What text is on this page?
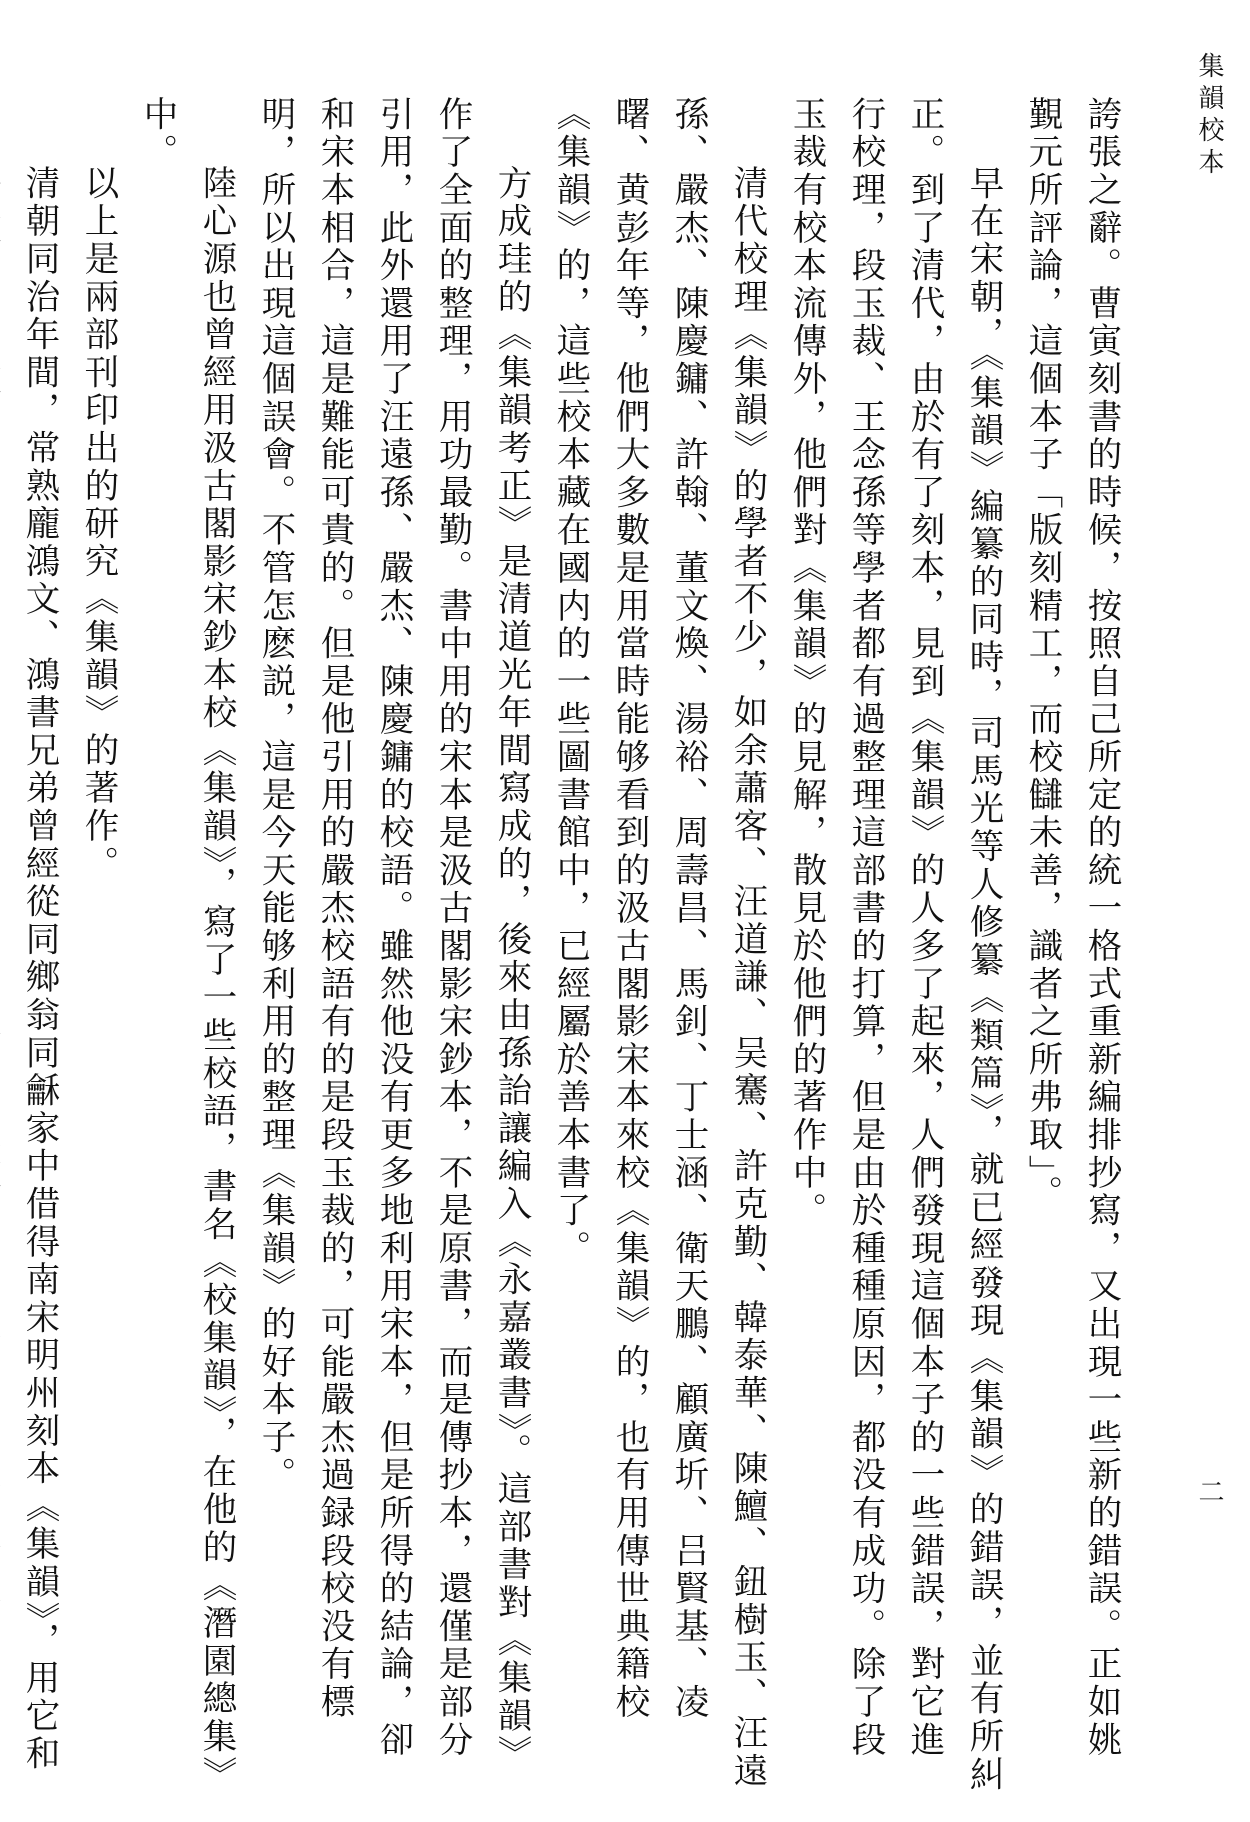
集韻校本
二

誇張之辭。曹寅刻書的時候，按照自己所定的統一格式重新編排抄寫，又出現一些新的錯誤。正如姚覲元所評論，這個本子「版刻精工，而校讎未善，識者之所弗取」。

早在宋朝，《集韻》編纂的同時，司馬光等人修纂《類篇》，就已經發現《集韻》的錯誤，並有所糾正。到了清代，由於有了刻本，見到《集韻》的人多了起來，人們發現這個本子的一些錯誤，對它進行校理，段玉裁、王念孫等學者都有過整理這部書的打算，但是由於種種原因，都没有成功。除了段玉裁有校本流傳外，他們對《集韻》的見解，散見於他們的著作中。

清代校理《集韻》的學者不少，如余蕭客、汪道謙、吴騫、許克勤、韓泰華、陳鱣、鈕樹玉、汪遠孫、嚴杰、陳慶鏞、許翰、董文煥、湯裕、周壽昌、馬釗、丁士涵、衛天鵬、顧廣圻、吕賢基、凌曙、黄彭年等，他們大多數是用當時能够看到的汲古閣影宋本來校《集韻》的，也有用傳世典籍校《集韻》的，這些校本藏在國内的一些圖書館中，已經屬於善本書了。

方成珪的《集韻考正》是清道光年間寫成的，後來由孫詒讓編入《永嘉叢書》。這部書對《集韻》作了全面的整理，用功最勤。書中用的宋本是汲古閣影宋鈔本，不是原書，而是傳抄本，還僅是部分引用，此外還用了汪遠孫、嚴杰、陳慶鏞的校語。雖然他没有更多地利用宋本，但是所得的結論，卻和宋本相合，這是難能可貴的。但是他引用的嚴杰校語有的是段玉裁的，可能嚴杰過録段校没有標明，所以出現這個誤會。不管怎麽説，這是今天能够利用的整理《集韻》的好本子。

陸心源也曾經用汲古閣影宋鈔本校《集韻》，寫了一些校語，書名《校集韻》，在他的《潛園總集》中。

以上是兩部刊印出的研究《集韻》的著作。

清朝同治年間，常熟龐鴻文、鴻書兄弟曾經從同鄉翁同龢家中借得南宋明州刻本《集韻》，用它和
